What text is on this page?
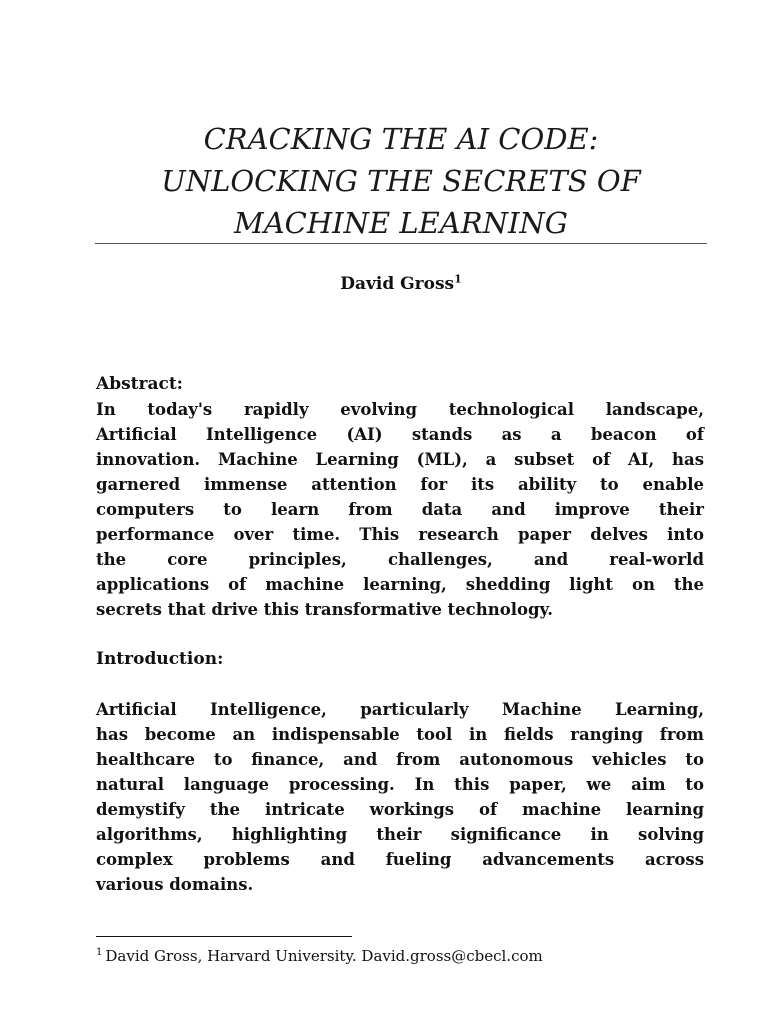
CRACKING THE AI CODE:
UNLOCKING THE SECRETS OF
MACHINE LEARNING
David Gross$^1$
Abstract:

In today's rapidly evolving technological landscape,
Artificial Intelligence (AI) stands as a beacon of
innovation. Machine Learning (ML), a subset of AI, has
garnered immense attention for its ability to enable
computers to learn from data and improve their
performance over time. This research paper delves into
the core principles, challenges, and real-world
applications of machine learning, shedding light on the
secrets that drive this transformative technology.

Introduction:

Artificial Intelligence, particularly Machine Learning,
has become an indispensable tool in fields ranging from
healthcare to finance, and from autonomous vehicles to
natural language processing. In this paper, we aim to
demystify the intricate workings of machine learning
algorithms, highlighting their significance in solving
complex problems and fueling advancements across
various domains.

$^1$ David Gross, Harvard University. David.gross@cbecl.com
